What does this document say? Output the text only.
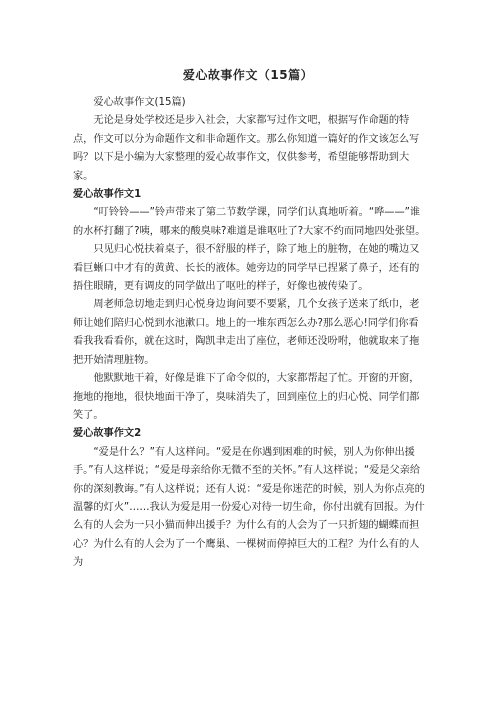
爱心故事作文（15篇）

爱心故事作文(15篇)

无论是身处学校还是步入社会，大家都写过作文吧，根据写作命题的特点，作文可以分为命题作文和非命题作文。那么你知道一篇好的作文该怎么写吗？以下是小编为大家整理的爱心故事作文，仅供参考，希望能够帮助到大家。

爱心故事作文1

“叮铃铃——”铃声带来了第二节数学课，同学们认真地听着。“哗——”谁的水杯打翻了?咦，哪来的酸臭味?难道是谁呕吐了?大家不约而同地四处张望。

只见归心悦扶着桌子，很不舒服的样子，除了地上的脏物，在她的嘴边又看巨蜥口中才有的黄黄、长长的液体。她旁边的同学早已捏紧了鼻子，还有的捂住眼睛，更有调皮的同学做出了呕吐的样子，好像也被传染了。

周老师急切地走到归心悦身边询问要不要紧，几个女孩子送来了纸巾，老师让她们陪归心悦到水池漱口。地上的一堆东西怎么办?那么恶心!同学们你看看我我看看你，就在这时，陶凯聿走出了座位，老师还没吩咐，他就取来了拖把开始清理脏物。

他默默地干着，好像是谁下了命令似的，大家都帮起了忙。开窗的开窗，拖地的拖地，很快地面干净了，臭味消失了，回到座位上的归心悦、同学们都笑了。

爱心故事作文2

“爱是什么？”有人这样问。“爱是在你遇到困难的时候，别人为你伸出援手。”有人这样说；“爱是母亲给你无微不至的关怀。”有人这样说；“爱是父亲给你的深刻教诲。”有人这样说；还有人说：“爱是你迷茫的时候，别人为你点亮的温馨的灯火”……我认为爱是用一份爱心对待一切生命，你付出就有回报。为什么有的人会为一只小猫而伸出援手？为什么有的人会为了一只折翅的蝴蝶而担心？为什么有的人会为了一个鹰巢、一棵树而停掉巨大的工程？为什么有的人为
